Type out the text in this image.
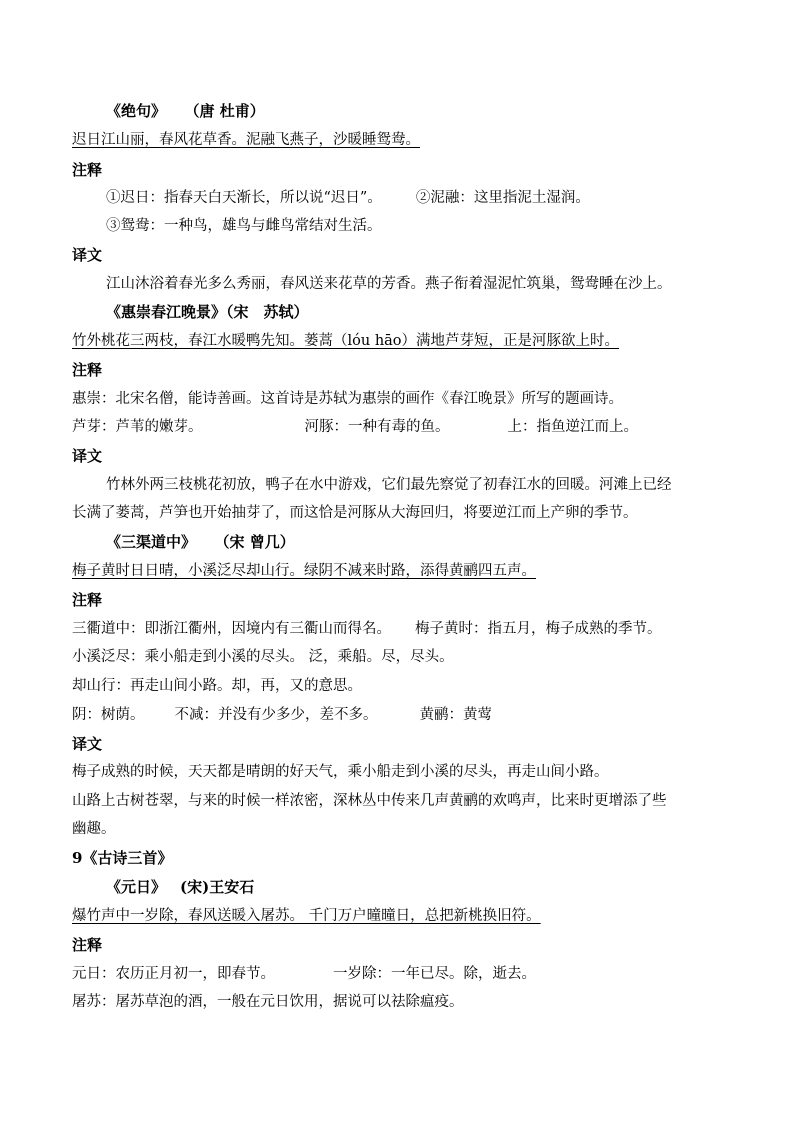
《绝句》 （唐 杜甫）
迟日江山丽，春风花草香。泥融飞燕子，沙暖睡鸳鸯。
注释
①迟日：指春天白天渐长，所以说“迟日”。 ②泥融：这里指泥土湿润。
③鸳鸯：一种鸟，雄鸟与雌鸟常结对生活。
译文
江山沐浴着春光多么秀丽，春风送来花草的芳香。燕子衔着湿泥忙筑巢，鸳鸯睡在沙上。
《惠崇春江晚景》（宋　苏轼）
竹外桃花三两枝，春江水暖鸭先知。蒌蒿（lóu hāo）满地芦芽短，正是河豚欲上时。
注释
惠崇：北宋名僧，能诗善画。这首诗是苏轼为惠崇的画作《春江晚景》所写的题画诗。
芦芽：芦苇的嫩芽。	河豚：一种有毒的鱼。	上：指鱼逆江而上。
译文
竹林外两三枝桃花初放，鸭子在水中游戏，它们最先察觉了初春江水的回暖。河滩上已经
长满了蒌蒿，芦笋也开始抽芽了，而这恰是河豚从大海回归，将要逆江而上产卵的季节。
《三渠道中》 （宋 曾几）
梅子黄时日日晴，小溪泛尽却山行。绿阴不减来时路，添得黄鹂四五声。
注释
三衢道中：即浙江衢州，因境内有三衢山而得名。 梅子黄时：指五月，梅子成熟的季节。
小溪泛尽：乘小船走到小溪的尽头。 泛，乘船。尽，尽头。
却山行：再走山间小路。却，再，又的意思。
阴：树荫。 不减：并没有少多少，差不多。	黄鹂：黄莺
译文
梅子成熟的时候，天天都是晴朗的好天气，乘小船走到小溪的尽头，再走山间小路。
山路上古树苍翠，与来的时候一样浓密，深林丛中传来几声黄鹂的欢鸣声，比来时更增添了些
幽趣。
9《古诗三首》
《元日》 (宋)王安石
爆竹声中一岁除，春风送暖入屠苏。 千门万户曈曈日，总把新桃换旧符。
注释
元日：农历正月初一，即春节。	一岁除：一年已尽。除，逝去。
屠苏：屠苏草泡的酒，一般在元日饮用，据说可以祛除瘟疫。
